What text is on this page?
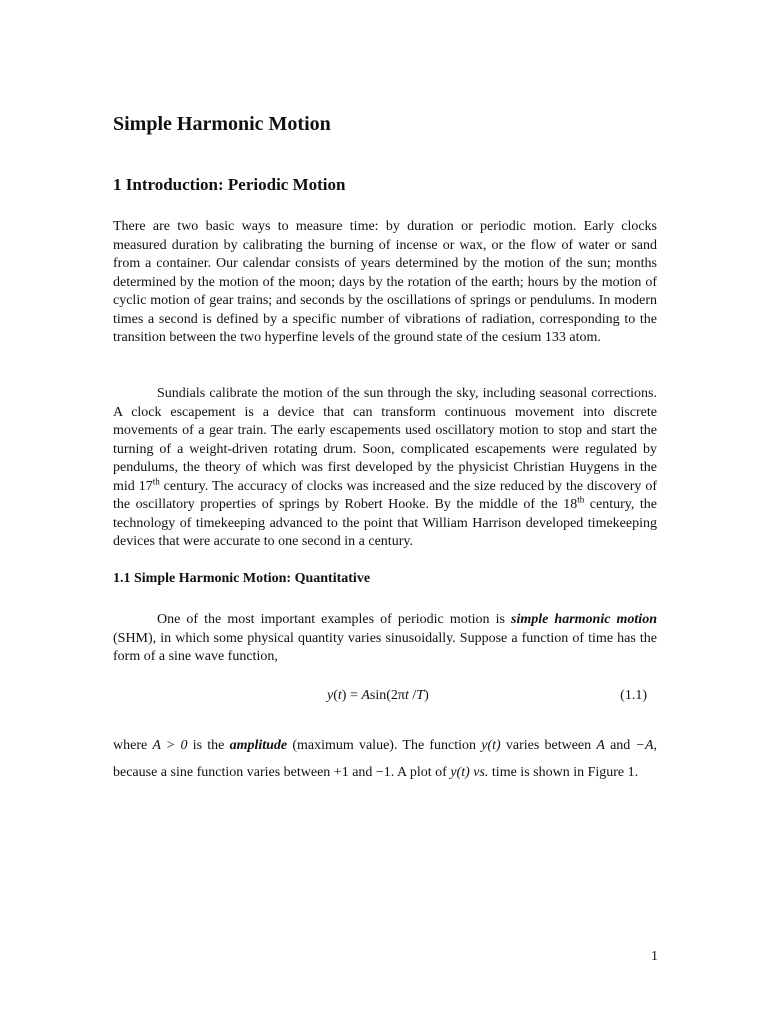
Simple Harmonic Motion
1 Introduction: Periodic Motion

There are two basic ways to measure time: by duration or periodic motion. Early clocks measured duration by calibrating the burning of incense or wax, or the flow of water or sand from a container. Our calendar consists of years determined by the motion of the sun; months determined by the motion of the moon; days by the rotation of the earth; hours by the motion of cyclic motion of gear trains; and seconds by the oscillations of springs or pendulums. In modern times a second is defined by a specific number of vibrations of radiation, corresponding to the transition between the two hyperfine levels of the ground state of the cesium 133 atom.

Sundials calibrate the motion of the sun through the sky, including seasonal corrections. A clock escapement is a device that can transform continuous movement into discrete movements of a gear train. The early escapements used oscillatory motion to stop and start the turning of a weight-driven rotating drum. Soon, complicated escapements were regulated by pendulums, the theory of which was first developed by the physicist Christian Huygens in the mid 17th century. The accuracy of clocks was increased and the size reduced by the discovery of the oscillatory properties of springs by Robert Hooke. By the middle of the 18th century, the technology of timekeeping advanced to the point that William Harrison developed timekeeping devices that were accurate to one second in a century.

1.1 Simple Harmonic Motion: Quantitative

One of the most important examples of periodic motion is simple harmonic motion (SHM), in which some physical quantity varies sinusoidally. Suppose a function of time has the form of a sine wave function,

y(t) = Asin(2πt /T)	(1.1)

where A > 0 is the amplitude (maximum value). The function y(t) varies between A and −A, because a sine function varies between +1 and −1. A plot of y(t) vs. time is shown in Figure 1.

1
